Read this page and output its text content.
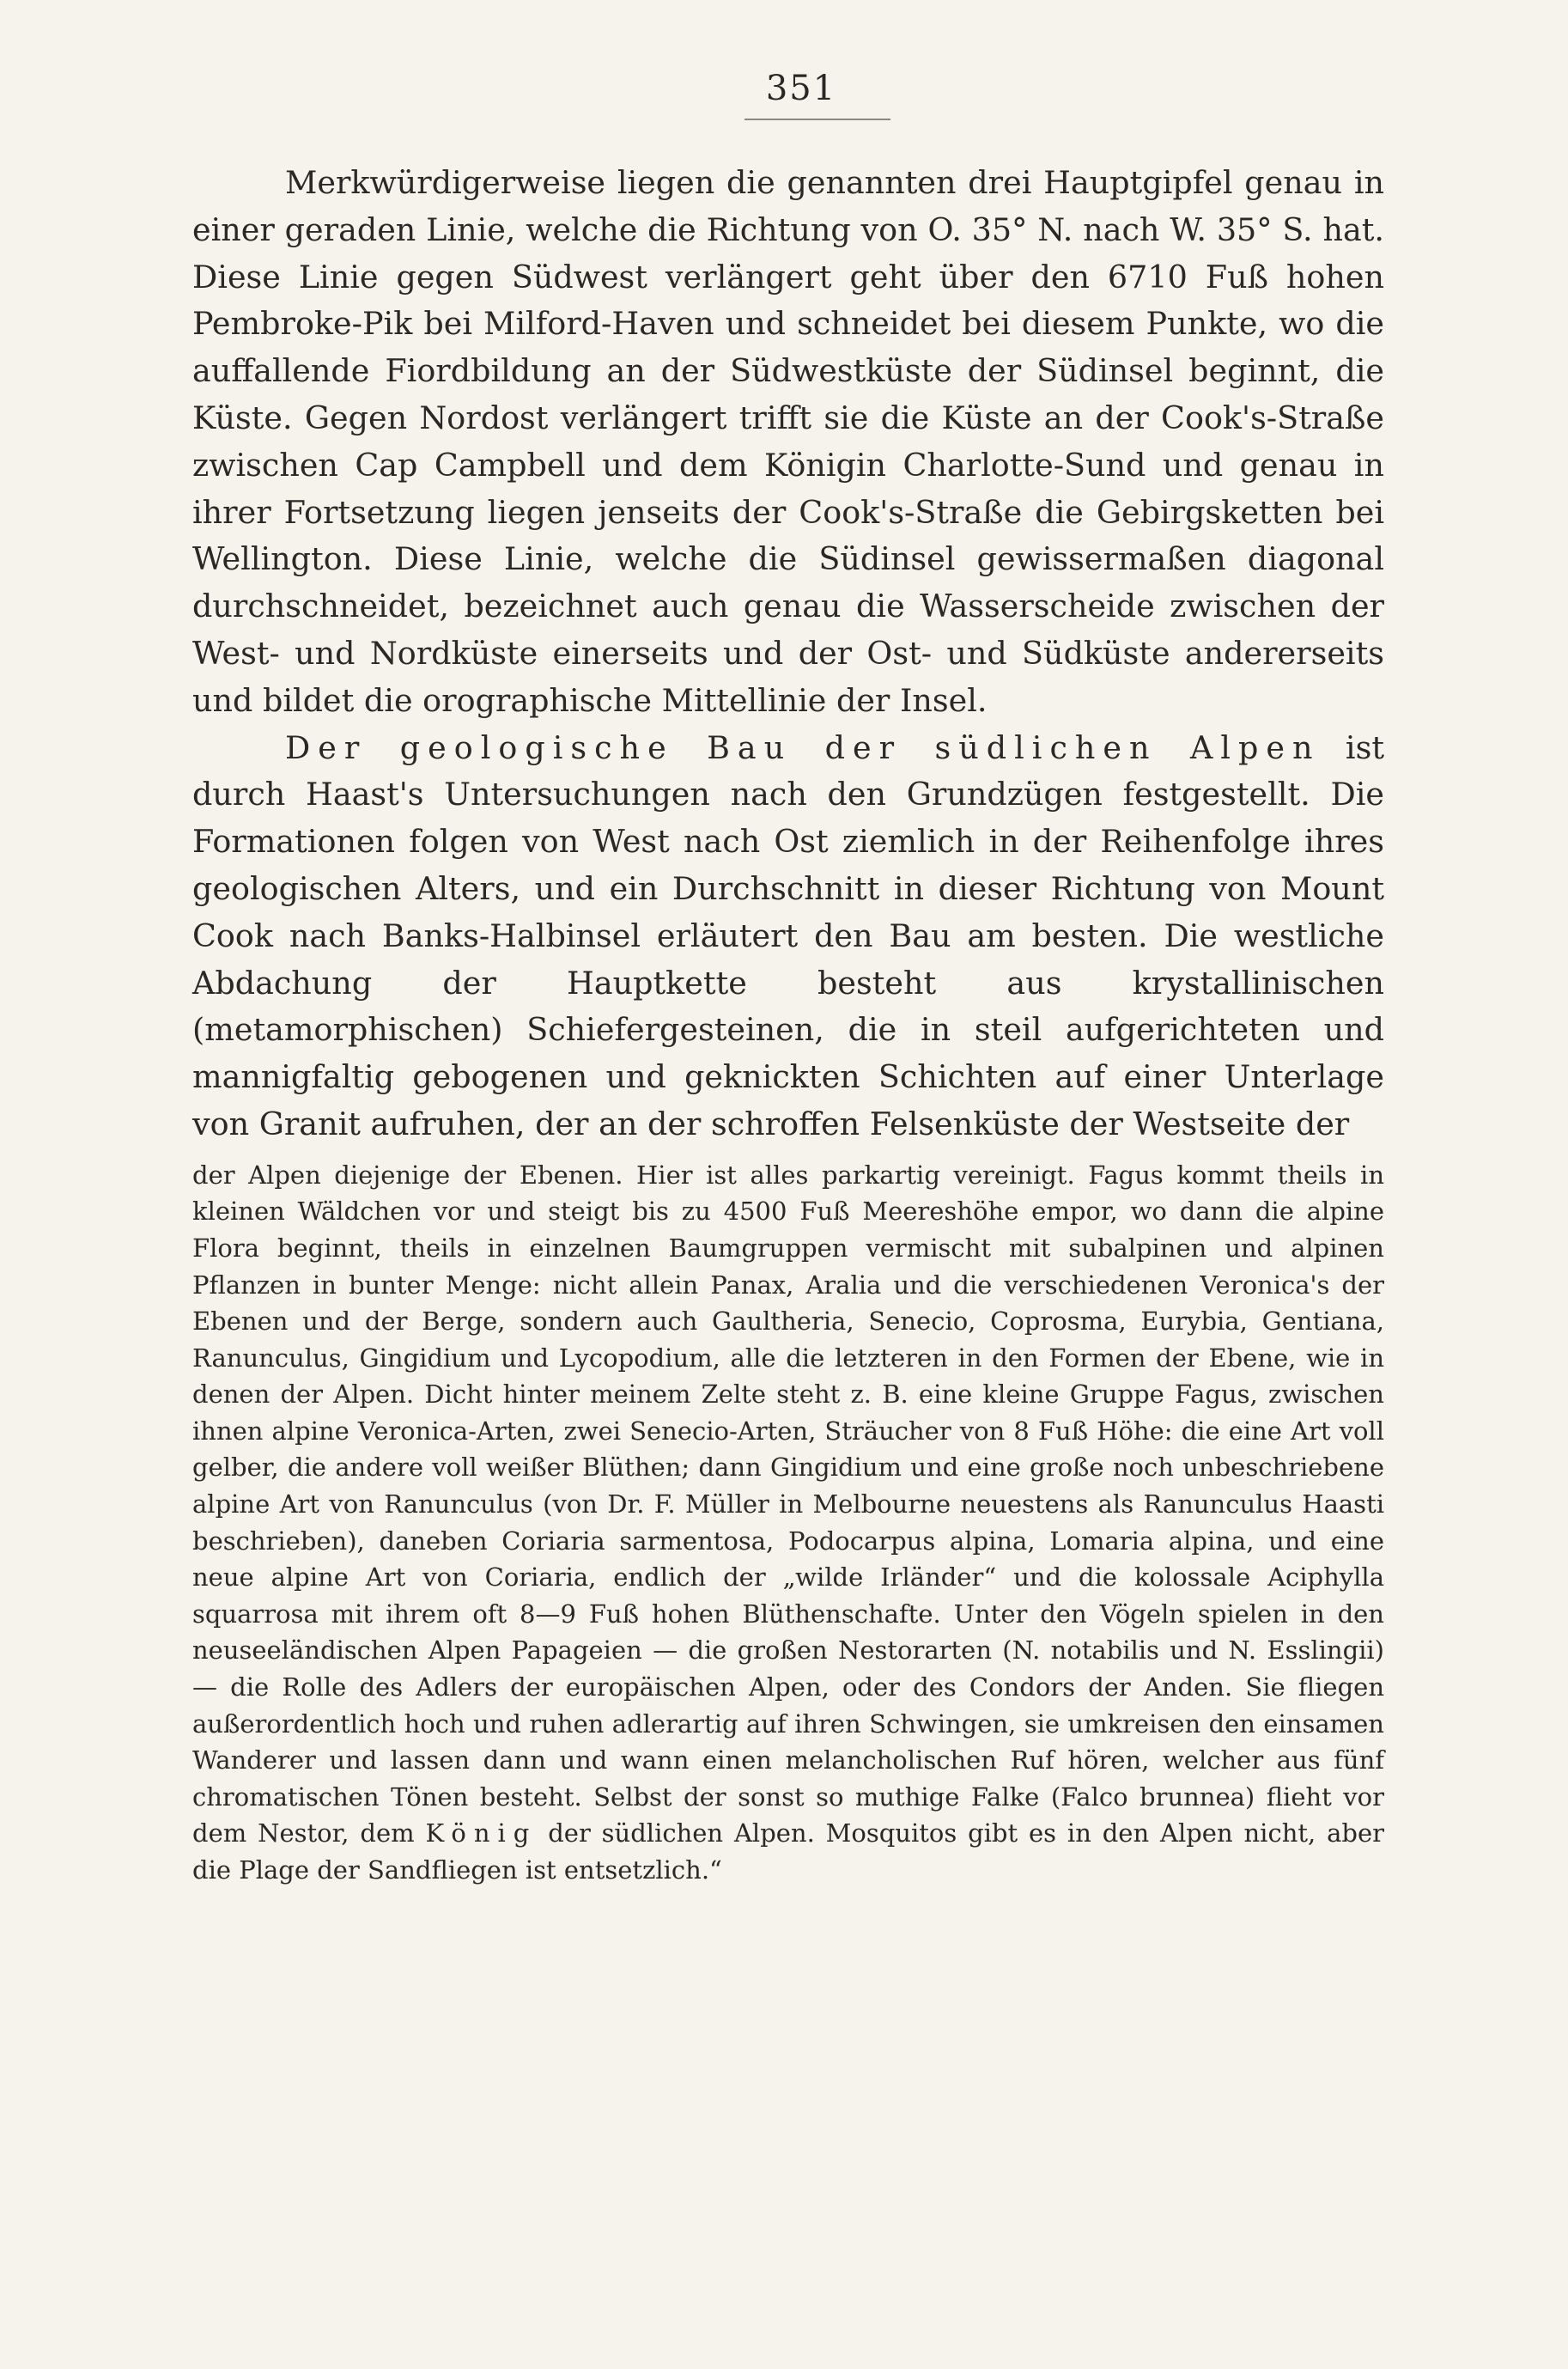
351

Merkwürdigerweise liegen die genannten drei Hauptgipfel genau in einer geraden Linie, welche die Richtung von O. 35° N. nach W. 35° S. hat. Diese Linie gegen Südwest verlängert geht über den 6710 Fuß hohen Pembroke-Pik bei Milford-Haven und schneidet bei diesem Punkte, wo die auffallende Fiordbildung an der Südwestküste der Südinsel beginnt, die Küste. Gegen Nordost verlängert trifft sie die Küste an der Cook's-Straße zwischen Cap Campbell und dem Königin Charlotte-Sund und genau in ihrer Fortsetzung liegen jenseits der Cook's-Straße die Gebirgsketten bei Wellington. Diese Linie, welche die Südinsel gewissermaßen diagonal durchschneidet, bezeichnet auch genau die Wasserscheide zwischen der West- und Nordküste einerseits und der Ost- und Südküste andererseits und bildet die orographische Mittellinie der Insel.

Der geologische Bau der südlichen Alpen ist durch Haast's Untersuchungen nach den Grundzügen festgestellt. Die Formationen folgen von West nach Ost ziemlich in der Reihenfolge ihres geologischen Alters, und ein Durchschnitt in dieser Richtung von Mount Cook nach Banks-Halbinsel erläutert den Bau am besten. Die westliche Abdachung der Hauptkette besteht aus krystallinischen (metamorphischen) Schiefergesteinen, die in steil aufgerichteten und mannigfaltig gebogenen und geknickten Schichten auf einer Unterlage von Granit aufruhen, der an der schroffen Felsenküste der Westseite der

der Alpen diejenige der Ebenen. Hier ist alles parkartig vereinigt. Fagus kommt theils in kleinen Wäldchen vor und steigt bis zu 4500 Fuß Meereshöhe empor, wo dann die alpine Flora beginnt, theils in einzelnen Baumgruppen vermischt mit subalpinen und alpinen Pflanzen in bunter Menge: nicht allein Panax, Aralia und die verschiedenen Veronica's der Ebenen und der Berge, sondern auch Gaultheria, Senecio, Coprosma, Eurybia, Gentiana, Ranunculus, Gingidium und Lycopodium, alle die letzteren in den Formen der Ebene, wie in denen der Alpen. Dicht hinter meinem Zelte steht z. B. eine kleine Gruppe Fagus, zwischen ihnen alpine Veronica-Arten, zwei Senecio-Arten, Sträucher von 8 Fuß Höhe: die eine Art voll gelber, die andere voll weißer Blüthen; dann Gingidium und eine große noch unbeschriebene alpine Art von Ranunculus (von Dr. F. Müller in Melbourne neuestens als Ranunculus Haasti beschrieben), daneben Coriaria sarmentosa, Podocarpus alpina, Lomaria alpina, und eine neue alpine Art von Coriaria, endlich der „wilde Irländer“ und die kolossale Aciphylla squarrosa mit ihrem oft 8—9 Fuß hohen Blüthenschafte. Unter den Vögeln spielen in den neuseeländischen Alpen Papageien — die großen Nestorarten (N. notabilis und N. Esslingii) — die Rolle des Adlers der europäischen Alpen, oder des Condors der Anden. Sie fliegen außerordentlich hoch und ruhen adlerartig auf ihren Schwingen, sie umkreisen den einsamen Wanderer und lassen dann und wann einen melancholischen Ruf hören, welcher aus fünf chromatischen Tönen besteht. Selbst der sonst so muthige Falke (Falco brunnea) flieht vor dem Nestor, dem König der südlichen Alpen. Mosquitos gibt es in den Alpen nicht, aber die Plage der Sandfliegen ist entsetzlich.“
